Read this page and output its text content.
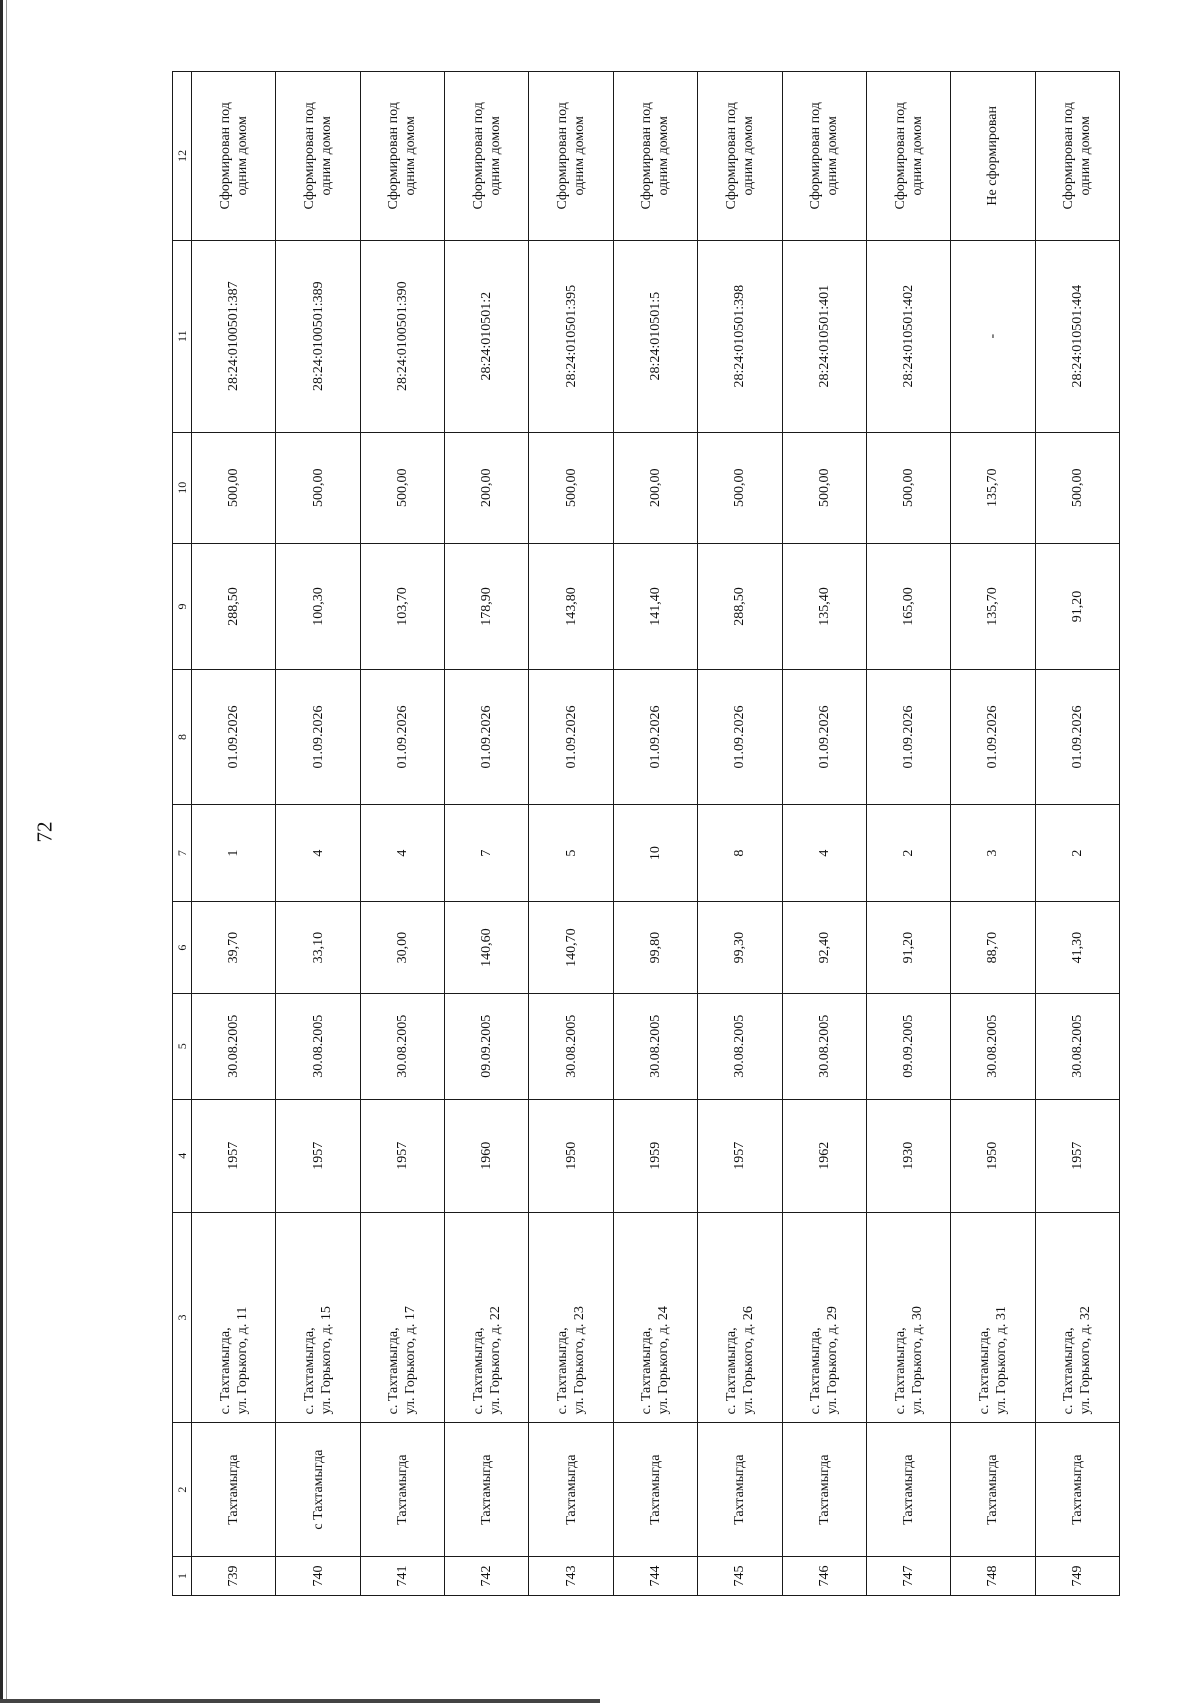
72
1	2	3	4	5	6	7	8	9	10	11	12
739	Тахтамыгда	с. Тахтамыгда, ул. Горького, д. 11	1957	30.08.2005	39,70	1	01.09.2026	288,50	500,00	28:24:0100501:387	Сформирован под одним домом
740	с Тахтамыгда	с. Тахтамыгда, ул. Горького, д. 15	1957	30.08.2005	33,10	4	01.09.2026	100,30	500,00	28:24:0100501:389	Сформирован под одним домом
741	Тахтамыгда	с. Тахтамыгда, ул. Горького, д. 17	1957	30.08.2005	30,00	4	01.09.2026	103,70	500,00	28:24:0100501:390	Сформирован под одним домом
742	Тахтамыгда	с. Тахтамыгда, ул. Горького, д. 22	1960	09.09.2005	140,60	7	01.09.2026	178,90	200,00	28:24:010501:2	Сформирован под одним домом
743	Тахтамыгда	с. Тахтамыгда, ул. Горького, д. 23	1950	30.08.2005	140,70	5	01.09.2026	143,80	500,00	28:24:010501:395	Сформирован под одним домом
744	Тахтамыгда	с. Тахтамыгда, ул. Горького, д. 24	1959	30.08.2005	99,80	10	01.09.2026	141,40	200,00	28:24:010501:5	Сформирован под одним домом
745	Тахтамыгда	с. Тахтамыгда, ул. Горького, д. 26	1957	30.08.2005	99,30	8	01.09.2026	288,50	500,00	28:24:010501:398	Сформирован под одним домом
746	Тахтамыгда	с. Тахтамыгда, ул. Горького, д. 29	1962	30.08.2005	92,40	4	01.09.2026	135,40	500,00	28:24:010501:401	Сформирован под одним домом
747	Тахтамыгда	с. Тахтамыгда, ул. Горького, д. 30	1930	09.09.2005	91,20	2	01.09.2026	165,00	500,00	28:24:010501:402	Сформирован под одним домом
748	Тахтамыгда	с. Тахтамыгда, ул. Горького, д. 31	1950	30.08.2005	88,70	3	01.09.2026	135,70	135,70	-	Не сформирован
749	Тахтамыгда	с. Тахтамыгда, ул. Горького, д. 32	1957	30.08.2005	41,30	2	01.09.2026	91,20	500,00	28:24:010501:404	Сформирован под одним домом
